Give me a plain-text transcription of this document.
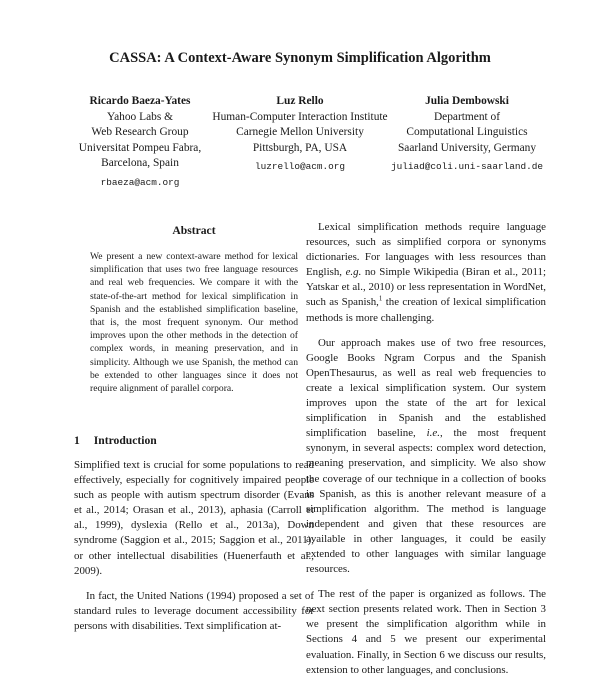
CASSA: A Context-Aware Synonym Simplification Algorithm
Ricardo Baeza-Yates
Yahoo Labs &
Web Research Group
Universitat Pompeu Fabra,
Barcelona, Spain
rbaeza@acm.org
Luz Rello
Human-Computer Interaction Institute
Carnegie Mellon University
Pittsburgh, PA, USA
luzrello@acm.org
Julia Dembowski
Department of
Computational Linguistics
Saarland University, Germany
juliad@coli.uni-saarland.de
Abstract

We present a new context-aware method for lexical simplification that uses two free language resources and real web frequencies. We compare it with the state-of-the-art method for lexical simplification in Spanish and the established simplification baseline, that is, the most frequent synonym. Our method improves upon the other methods in the detection of complex words, in meaning preservation, and in simplicity. Although we use Spanish, the method can be extended to other languages since it does not require alignment of parallel corpora.

1 Introduction

Simplified text is crucial for some populations to read effectively, especially for cognitively impaired people such as people with autism spectrum disorder (Evans et al., 2014; Orasan et al., 2013), aphasia (Carroll et al., 1999), dyslexia (Rello et al., 2013a), Down syndrome (Saggion et al., 2015; Saggion et al., 2011), or other intellectual disabilities (Huenerfauth et al., 2009).

In fact, the United Nations (1994) proposed a set of standard rules to leverage document accessibility for persons with disabilities. Text simplification at-

Lexical simplification methods require language resources, such as simplified corpora or synonyms dictionaries. For languages with less resources than English, e.g. no Simple Wikipedia (Biran et al., 2011; Yatskar et al., 2010) or less representation in WordNet, such as Spanish,$^1$ the creation of lexical simplification methods is more challenging.

Our approach makes use of two free resources, Google Books Ngram Corpus and the Spanish OpenThesaurus, as well as real web frequencies to create a lexical simplification system. Our system improves upon the state of the art for lexical simplification in Spanish and the established simplification baseline, i.e., the most frequent synonym, in several aspects: complex word detection, meaning preservation, and simplicity. We also show the coverage of our technique in a collection of books in Spanish, as this is another relevant measure of a simplification algorithm. The method is language independent and given that these resources are available in other languages, it could be easily extended to other languages with similar language resources.

The rest of the paper is organized as follows. The next section presents related work. Then in Section 3 we present the simplification algorithm while in Sections 4 and 5 we present our experimental evaluation. Finally, in Section 6 we discuss our results, extension to other languages, and conclusions.
